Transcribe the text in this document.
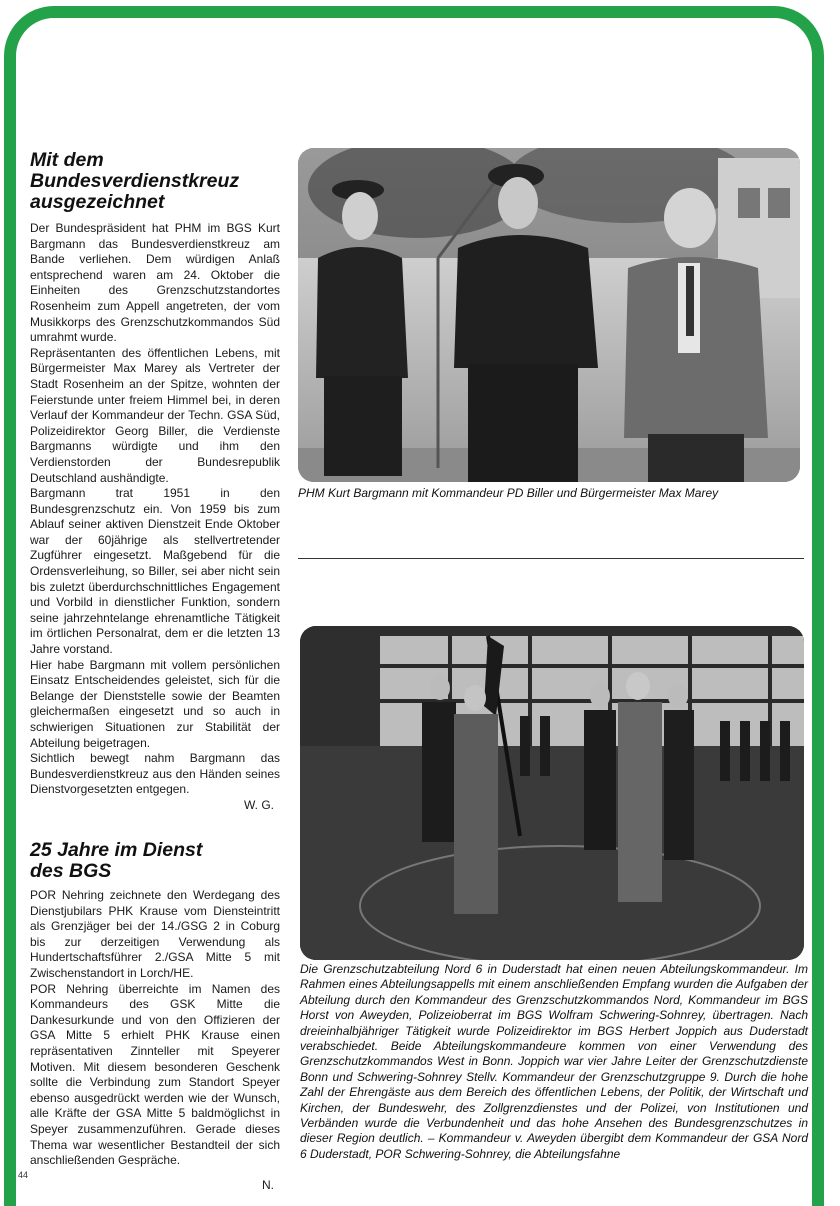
Mit dem
Bundesverdienstkreuz
ausgezeichnet

Der Bundespräsident hat PHM im BGS Kurt Bargmann das Bundesverdienstkreuz am Bande verliehen. Dem würdigen Anlaß entsprechend waren am 24. Oktober die Einheiten des Grenzschutzstandortes Rosenheim zum Appell angetreten, der vom Musikkorps des Grenzschutzkommandos Süd umrahmt wurde.

Repräsentanten des öffentlichen Lebens, mit Bürgermeister Max Marey als Vertreter der Stadt Rosenheim an der Spitze, wohnten der Feierstunde unter freiem Himmel bei, in deren Verlauf der Kommandeur der Techn. GSA Süd, Polizeidirektor Georg Biller, die Verdienste Bargmanns würdigte und ihm den Verdienstorden der Bundesrepublik Deutschland aushändigte.

Bargmann trat 1951 in den Bundesgrenzschutz ein. Von 1959 bis zum Ablauf seiner aktiven Dienstzeit Ende Oktober war der 60jährige als stellvertretender Zugführer eingesetzt. Maßgebend für die Ordensverleihung, so Biller, sei aber nicht sein bis zuletzt überdurchschnittliches Engagement und Vorbild in dienstlicher Funktion, sondern seine jahrzehntelange ehrenamtliche Tätigkeit im örtlichen Personalrat, dem er die letzten 13 Jahre vorstand.

Hier habe Bargmann mit vollem persönlichen Einsatz Entscheidendes geleistet, sich für die Belange der Dienststelle sowie der Beamten gleichermaßen eingesetzt und so auch in schwierigen Situationen zur Stabilität der Abteilung beigetragen.

Sichtlich bewegt nahm Bargmann das Bundesverdienstkreuz aus den Händen seines Dienstvorgesetzten entgegen.

W. G.

25 Jahre im Dienst
des BGS

POR Nehring zeichnete den Werdegang des Dienstjubilars PHK Krause vom Diensteintritt als Grenzjäger bei der 14./GSG 2 in Coburg bis zur derzeitigen Verwendung als Hundertschaftsführer 2./GSA Mitte 5 mit Zwischenstandort in Lorch/HE.

POR Nehring überreichte im Namen des Kommandeurs des GSK Mitte die Dankesurkunde und von den Offizieren der GSA Mitte 5 erhielt PHK Krause einen repräsentativen Zinnteller mit Speyerer Motiven. Mit diesem besonderen Geschenk sollte die Verbindung zum Standort Speyer ebenso ausgedrückt werden wie der Wunsch, alle Kräfte der GSA Mitte 5 baldmöglichst in Speyer zusammenzuführen. Gerade dieses Thema war wesentlicher Bestandteil der sich anschließenden Gespräche.

N.
PHM Kurt Bargmann mit Kommandeur PD Biller und Bürgermeister Max Marey
Die Grenzschutzabteilung Nord 6 in Duderstadt hat einen neuen Abteilungskommandeur. Im Rahmen eines Abteilungsappells mit einem anschließenden Empfang wurden die Aufgaben der Abteilung durch den Kommandeur des Grenzschutzkommandos Nord, Kommandeur im BGS Horst von Aweyden, Polizeioberrat im BGS Wolfram Schwering-Sohnrey, übertragen. Nach dreieinhalbjähriger Tätigkeit wurde Polizeidirektor im BGS Herbert Joppich aus Duderstadt verabschiedet. Beide Abteilungskommandeure kommen von einer Verwendung des Grenzschutzkommandos West in Bonn. Joppich war vier Jahre Leiter der Grenzschutzdienste Bonn und Schwering-Sohnrey Stellv. Kommandeur der Grenzschutzgruppe 9. Durch die hohe Zahl der Ehrengäste aus dem Bereich des öffentlichen Lebens, der Politik, der Wirtschaft und Kirchen, der Bundeswehr, des Zollgrenzdienstes und der Polizei, von Institutionen und Verbänden wurde die Verbundenheit und das hohe Ansehen des Bundesgrenzschutzes in dieser Region deutlich. – Kommandeur v. Aweyden übergibt dem Kommandeur der GSA Nord 6 Duderstadt, POR Schwering-Sohnrey, die Abteilungsfahne
44
